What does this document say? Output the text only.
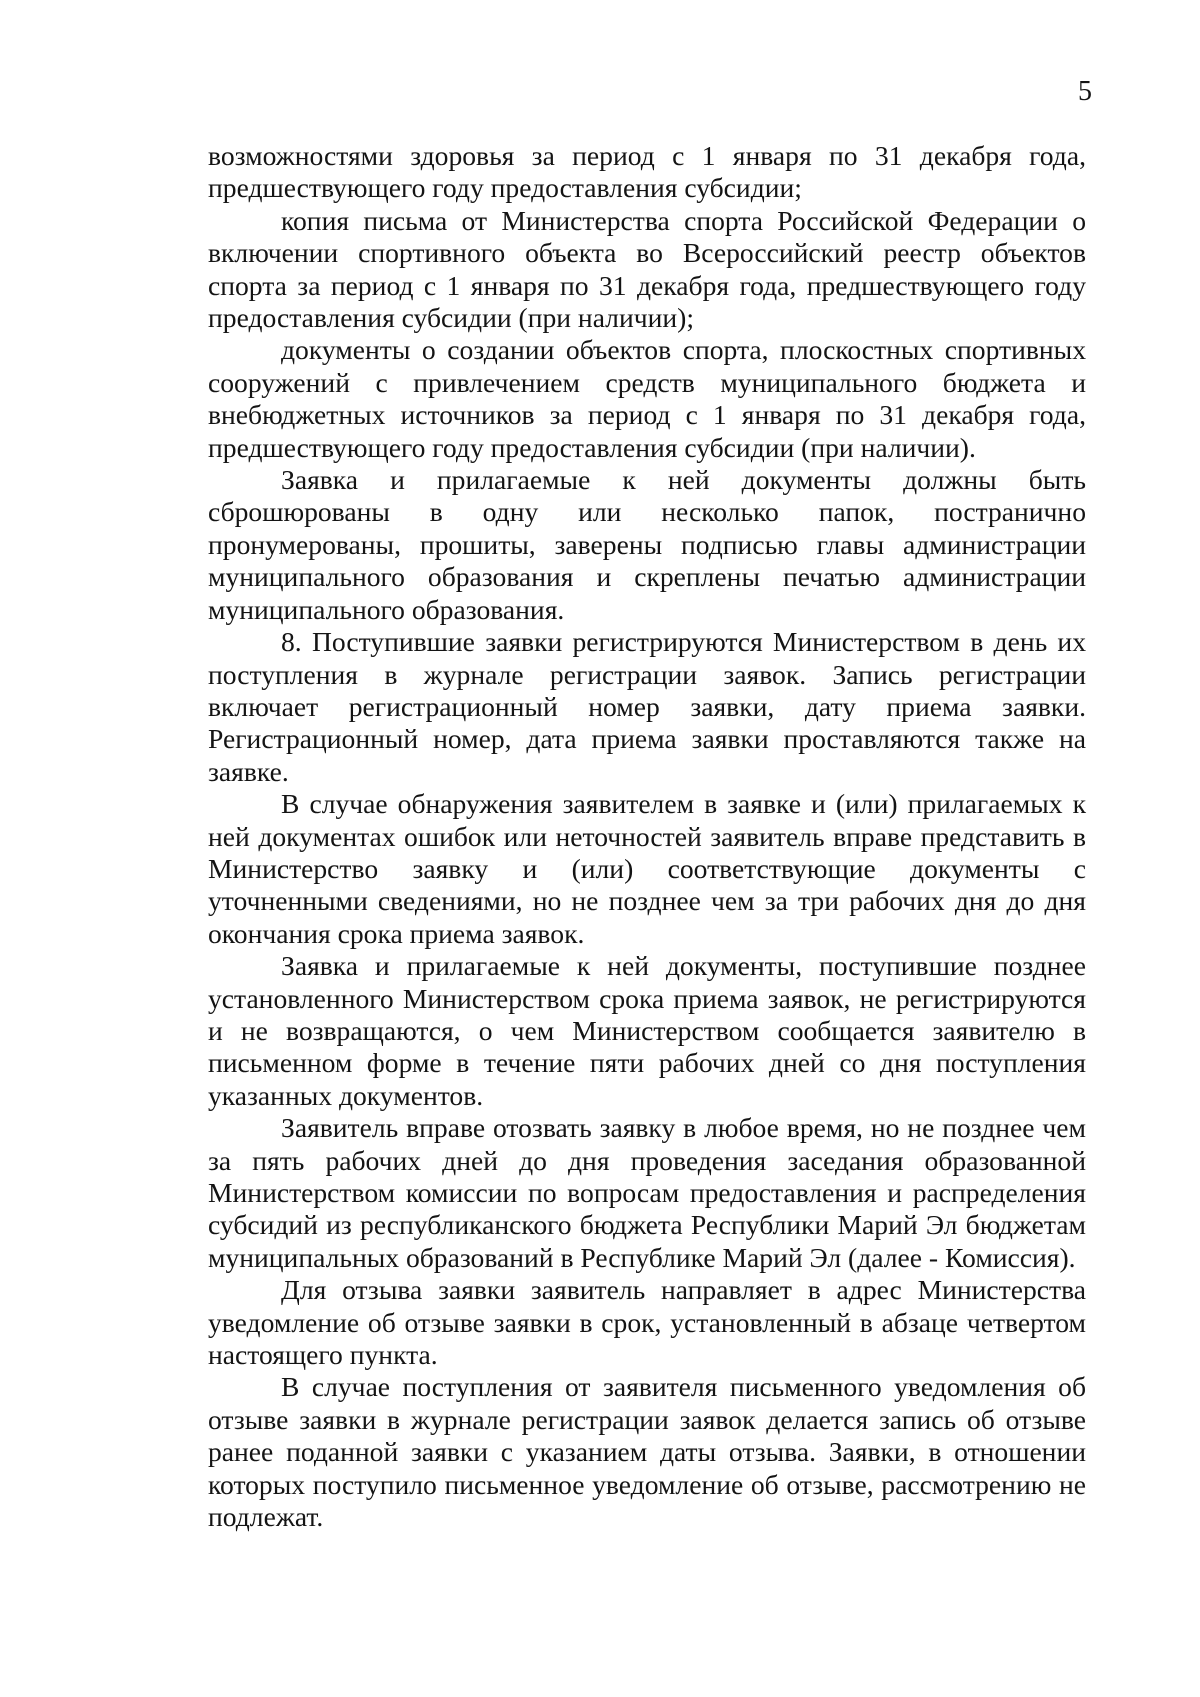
5

возможностями здоровья за период с 1 января по 31 декабря года, предшествующего году предоставления субсидии;

копия письма от Министерства спорта Российской Федерации о включении спортивного объекта во Всероссийский реестр объектов спорта за период с 1 января по 31 декабря года, предшествующего году предоставления субсидии (при наличии);

документы о создании объектов спорта, плоскостных спортивных сооружений с привлечением средств муниципального бюджета и внебюджетных источников за период с 1 января по 31 декабря года, предшествующего году предоставления субсидии (при наличии).

Заявка и прилагаемые к ней документы должны быть сброшюрованы в одну или несколько папок, постранично пронумерованы, прошиты, заверены подписью главы администрации муниципального образования и скреплены печатью администрации муниципального образования.

8. Поступившие заявки регистрируются Министерством в день их поступления в журнале регистрации заявок. Запись регистрации включает регистрационный номер заявки, дату приема заявки. Регистрационный номер, дата приема заявки проставляются также на заявке.

В случае обнаружения заявителем в заявке и (или) прилагаемых к ней документах ошибок или неточностей заявитель вправе представить в Министерство заявку и (или) соответствующие документы с уточненными сведениями, но не позднее чем за три рабочих дня до дня окончания срока приема заявок.

Заявка и прилагаемые к ней документы, поступившие позднее установленного Министерством срока приема заявок, не регистрируются и не возвращаются, о чем Министерством сообщается заявителю в письменном форме в течение пяти рабочих дней со дня поступления указанных документов.

Заявитель вправе отозвать заявку в любое время, но не позднее чем за пять рабочих дней до дня проведения заседания образованной Министерством комиссии по вопросам предоставления и распределения субсидий из республиканского бюджета Республики Марий Эл бюджетам муниципальных образований в Республике Марий Эл (далее - Комиссия).

Для отзыва заявки заявитель направляет в адрес Министерства уведомление об отзыве заявки в срок, установленный в абзаце четвертом настоящего пункта.

В случае поступления от заявителя письменного уведомления об отзыве заявки в журнале регистрации заявок делается запись об отзыве ранее поданной заявки с указанием даты отзыва. Заявки, в отношении которых поступило письменное уведомление об отзыве, рассмотрению не подлежат.
